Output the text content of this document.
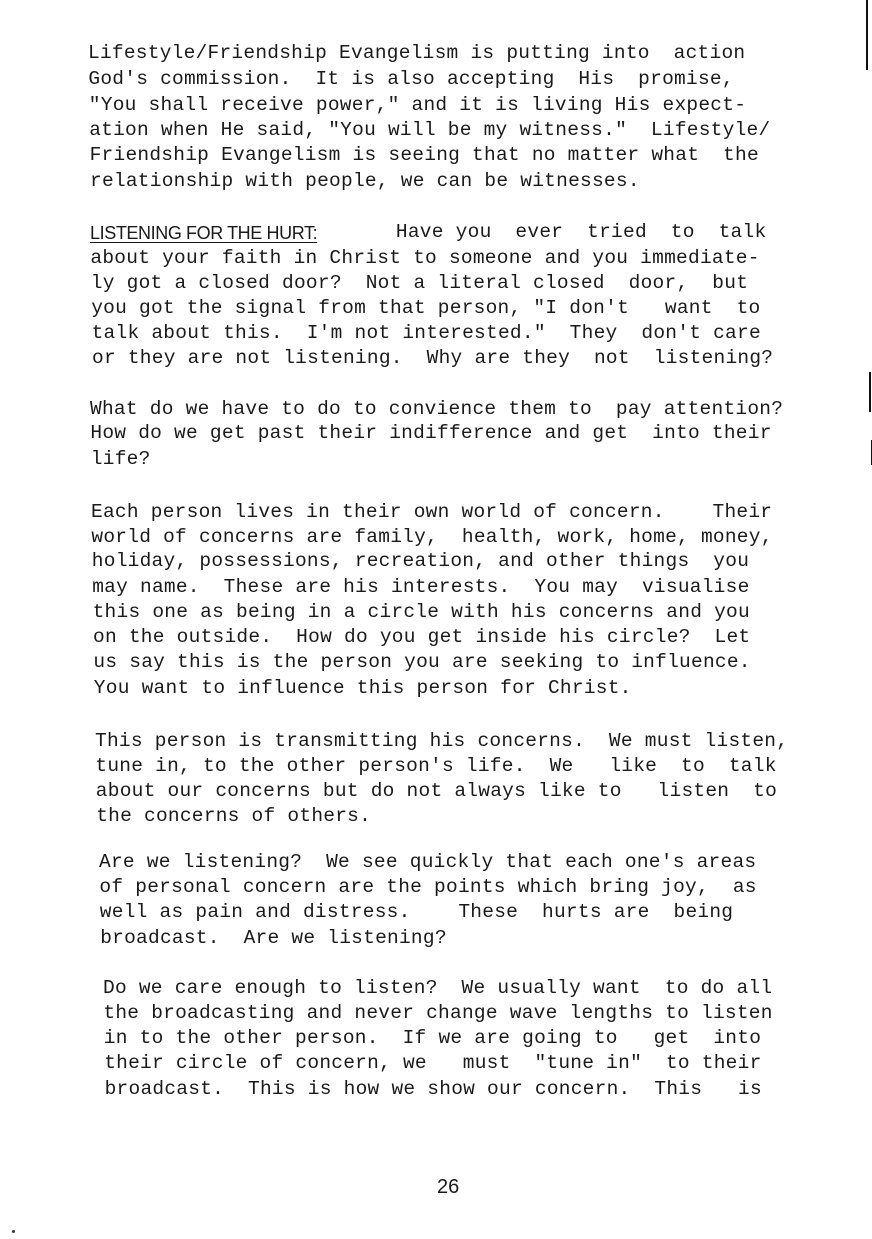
26
Lifestyle/Friendship Evangelism is putting into  action
God's commission.  It is also accepting  His  promise,
"You shall receive power," and it is living His expect-
ation when He said, "You will be my witness."  Lifestyle/
Friendship Evangelism is seeing that no matter what  the
relationship with people, we can be witnesses.
LISTENING FOR THE HURT:	Have you  ever  tried  to  talk
about your faith in Christ to someone and you immediate-
ly got a closed door?  Not a literal closed  door,  but
you got the signal from that person, "I don't   want  to
talk about this.  I'm not interested."  They  don't care
or they are not listening.  Why are they  not  listening?
What do we have to do to convience them to  pay attention?
How do we get past their indifference and get  into their
life?
Each person lives in their own world of concern.    Their
world of concerns are family,  health, work, home, money,
holiday, possessions, recreation, and other things  you
may name.  These are his interests.  You may  visualise
this one as being in a circle with his concerns and you
on the outside.  How do you get inside his circle?  Let
us say this is the person you are seeking to influence.
You want to influence this person for Christ.
This person is transmitting his concerns.  We must listen,
tune in, to the other person's life.  We   like  to  talk
about our concerns but do not always like to   listen  to
the concerns of others.
Are we listening?  We see quickly that each one's areas
of personal concern are the points which bring joy,  as
well as pain and distress.    These  hurts are  being
broadcast.  Are we listening?
Do we care enough to listen?  We usually want  to do all
the broadcasting and never change wave lengths to listen
in to the other person.  If we are going to   get  into
their circle of concern, we   must  "tune in"  to their
broadcast.  This is how we show our concern.  This   is
